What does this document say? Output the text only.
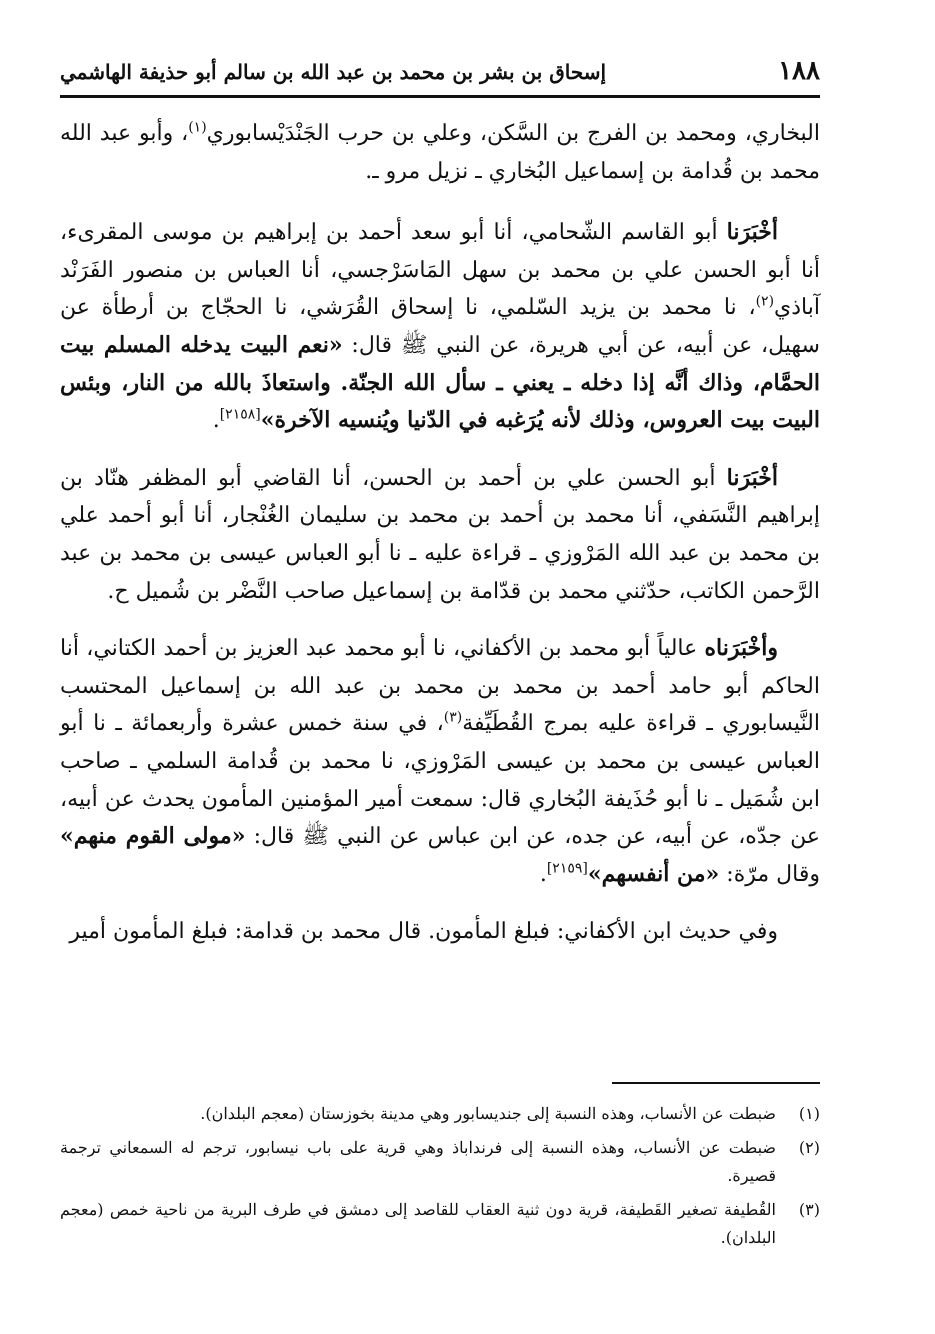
١٨٨
إسحاق بن بشر بن محمد بن عبد الله بن سالم أبو حذيفة الهاشمي

البخاري، ومحمد بن الفرج بن السَّكن، وعلي بن حرب الجَنْدَيْسابوري$^{(١)}$، وأبو عبد الله محمد بن قُدامة بن إسماعيل البُخاري ـ نزيل مرو ـ.

أخْبَرَنا أبو القاسم الشّحامي، أنا أبو سعد أحمد بن إبراهيم بن موسى المقرىء، أنا أبو الحسن علي بن محمد بن سهل المَاسَرْجسي، أنا العباس بن منصور الفَرَنْد آباذي$^{(٢)}$، نا محمد بن يزيد السّلمي، نا إسحاق القُرَشي، نا الحجّاج بن أرطأة عن سهيل، عن أبيه، عن أبي هريرة، عن النبي ﷺ قال: «نعم البيت يدخله المسلم بيت الحمَّام، وذاك أنَّه إذا دخله ـ يعني ـ سأل الله الجنّة. واستعاذَ بالله من النار، وبئس البيت بيت العروس، وذلك لأنه يُرَغبه في الدّنيا ويُنسيه الآخرة»[٢١٥٨].

أخْبَرَنا أبو الحسن علي بن أحمد بن الحسن، أنا القاضي أبو المظفر هنّاد بن إبراهيم النَّسَفي، أنا محمد بن أحمد بن محمد بن سليمان الغُنْجار، أنا أبو أحمد علي بن محمد بن عبد الله المَرْوزي ـ قراءة عليه ـ نا أبو العباس عيسى بن محمد بن عبد الرَّحمن الكاتب، حدّثني محمد بن قدّامة بن إسماعيل صاحب النَّضْر بن شُميل ح.

وأخْبَرَناه عالياً أبو محمد بن الأكفاني، نا أبو محمد عبد العزيز بن أحمد الكتاني، أنا الحاكم أبو حامد أحمد بن محمد بن محمد بن عبد الله بن إسماعيل المحتسب النَّيسابوري ـ قراءة عليه بمرج القُطَيِّفة$^{(٣)}$، في سنة خمس عشرة وأربعمائة ـ نا أبو العباس عيسى بن محمد بن عيسى المَرْوزي، نا محمد بن قُدامة السلمي ـ صاحب ابن شُمَيل ـ نا أبو حُذَيفة البُخاري قال: سمعت أمير المؤمنين المأمون يحدث عن أبيه، عن جدّه، عن أبيه، عن جده، عن ابن عباس عن النبي ﷺ قال: «مولى القوم منهم» وقال مرّة: «من أنفسهم»[٢١٥٩].

وفي حديث ابن الأكفاني: فبلغ المأمون. قال محمد بن قدامة: فبلغ المأمون أمير

(١)
ضبطت عن الأنساب، وهذه النسبة إلى جنديسابور وهي مدينة بخوزستان (معجم البلدان).
(٢)
ضبطت عن الأنساب، وهذه النسبة إلى فرنداباذ وهي قرية على باب نيسابور، ترجم له السمعاني ترجمة قصيرة.
(٣)
القُطيفة تصغير القَطيفة، قرية دون ثنية العقاب للقاصد إلى دمشق في طرف البرية من ناحية خمص (معجم البلدان).
